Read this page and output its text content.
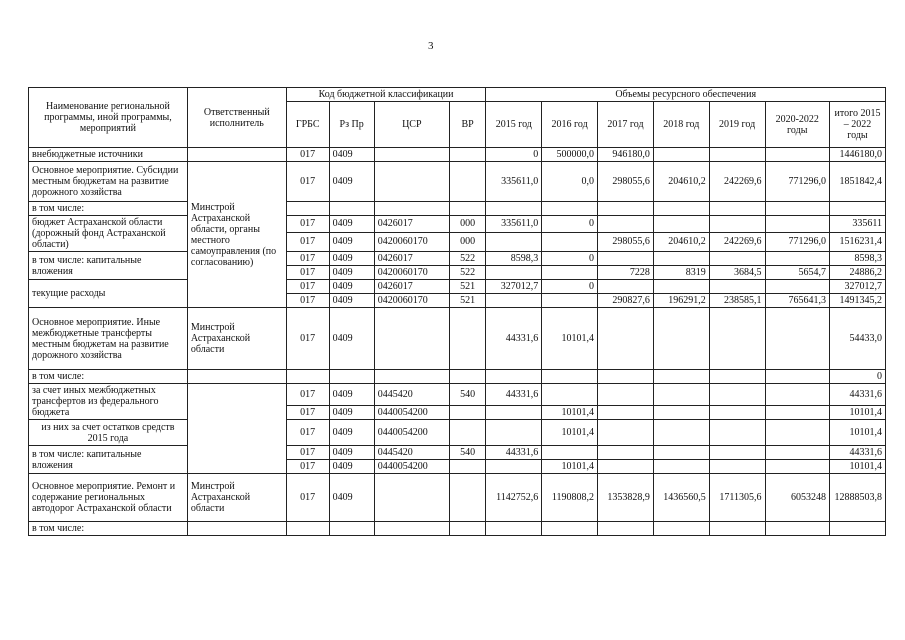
3
Наименование региональной программы, иной программы, мероприятий	Ответственный исполнитель	Код бюджетной классификации				Объемы ресурсного обеспечения						
		ГРБС	Рз Пр	ЦСР	ВР	2015 год	2016 год	2017 год	2018 год	2019 год	2020-2022 годы	итого 2015 – 2022 годы
внебюджетные источники		017	0409			0	500000,0	946180,0				1446180,0
Основное мероприятие. Субсидии местным бюджетам на развитие дорожного хозяйства	Минстрой Астраханской области, органы местного самоуправления (по согласованию)	017	0409			335611,0	0,0	298055,6	204610,2	242269,6	771296,0	1851842,4
в том числе:												
бюджет Астраханской области (дорожный фонд Астраханской области)		017	0409	0426017	000	335611,0	0					335611
		017	0409	0420060170	000			298055,6	204610,2	242269,6	771296,0	1516231,4
в том числе: капитальные вложения		017	0409	0426017	522	8598,3	0					8598,3
		017	0409	0420060170	522			7228	8319	3684,5	5654,7	24886,2
текущие расходы		017	0409	0426017	521	327012,7	0					327012,7
		017	0409	0420060170	521			290827,6	196291,2	238585,1	765641,3	1491345,2
Основное мероприятие. Иные межбюджетные трансферты местным бюджетам на развитие дорожного хозяйства	Минстрой Астраханской области	017	0409			44331,6	10101,4					54433,0
в том числе:												0
за счет иных межбюджетных трансфертов из федерального бюджета		017	0409	0445420	540	44331,6						44331,6
		017	0409	0440054200			10101,4					10101,4
из них за счет остатков средств 2015 года		017	0409	0440054200			10101,4					10101,4
в том числе: капитальные вложения		017	0409	0445420	540	44331,6						44331,6
		017	0409	0440054200			10101,4					10101,4
Основное мероприятие. Ремонт и содержание региональных автодорог Астраханской области	Минстрой Астраханской области	017	0409			1142752,6	1190808,2	1353828,9	1436560,5	1711305,6	6053248	12888503,8
в том числе:												
